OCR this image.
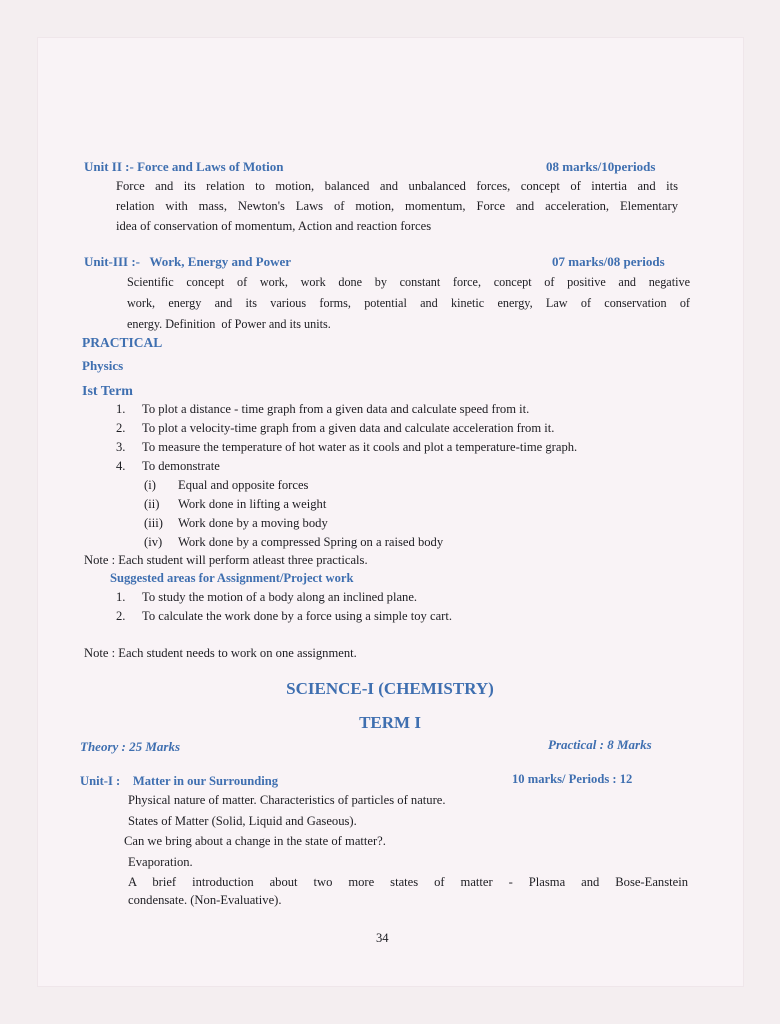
Unit II :- Force and Laws of Motion	08 marks/10periods
Force and its relation to motion, balanced and unbalanced forces, concept of intertia and its
relation with mass, Newton's Laws of motion, momentum, Force and acceleration, Elementary
idea of conservation of momentum, Action and reaction forces
Unit-III :-   Work, Energy and Power	07 marks/08 periods
Scientific concept of work, work done by constant force, concept of positive and negative
work, energy and its various forms, potential and kinetic energy, Law of conservation of
energy. Definition  of Power and its units.
PRACTICAL
Physics
Ist Term
1. To plot a distance - time graph from a given data and calculate speed from it.
2. To plot a velocity-time graph from a given data and calculate acceleration from it.
3. To measure the temperature of hot water as it cools and plot a temperature-time graph.
4. To demonstrate
(i) Equal and opposite forces
(ii) Work done in lifting a weight
(iii) Work done by a moving body
(iv) Work done by a compressed Spring on a raised body
Note : Each student will perform atleast three practicals.
Suggested areas for Assignment/Project work
1. To study the motion of a body along an inclined plane.
2. To calculate the work done by a force using a simple toy cart.
Note : Each student needs to work on one assignment.
SCIENCE-I (CHEMISTRY)
TERM I
Theory : 25 Marks	Practical : 8 Marks
Unit-I :    Matter in our Surrounding	10 marks/ Periods : 12
Physical nature of matter. Characteristics of particles of nature.
States of Matter (Solid, Liquid and Gaseous).
Can we bring about a change in the state of matter?.
Evaporation.
A brief introduction about two more states of matter - Plasma and Bose-Eanstein
condensate. (Non-Evaluative).
34
